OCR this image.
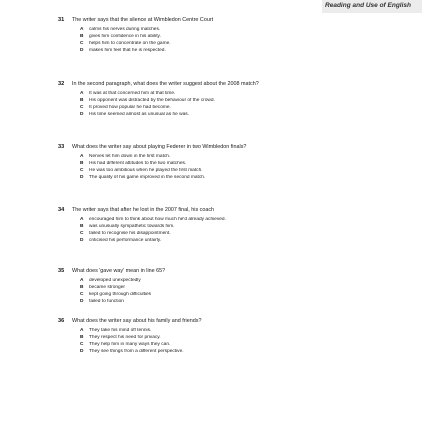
Reading and Use of English
31 The writer says that the silence at Wimbledon Centre Court
A calms his nerves during matches.
B gives him confidence in his ability.
C helps him to concentrate on the game.
D makes him feel that he is respected.
32 In the second paragraph, what does the writer suggest about the 2008 match?
A It was at that concerned him at that time.
B His opponent was distracted by the behaviour of the crowd.
C It proved how popular he had become.
D His time seemed almost as unusual as he was.
33 What does the writer say about playing Federer in two Wimbledon finals?
A Nerves let him down in the first match.
B His had different attitudes to the two matches.
C He was too ambitious when he played the first match.
D The quality of his game improved in the second match.
34 The writer says that after he lost in the 2007 final, his coach
A encouraged him to think about how much he'd already achieved.
B was unusually sympathetic towards him.
C failed to recognise his disappointment.
D criticised his performance unfairly.
35 What does 'gave way' mean in line 65?
A developed unexpectedly
B became stronger
C kept going through difficulties
D failed to function
36 What does the writer say about his family and friends?
A They take his mind off tennis.
B They respect his need for privacy.
C They help him in many ways they can.
D They see things from a different perspective.
